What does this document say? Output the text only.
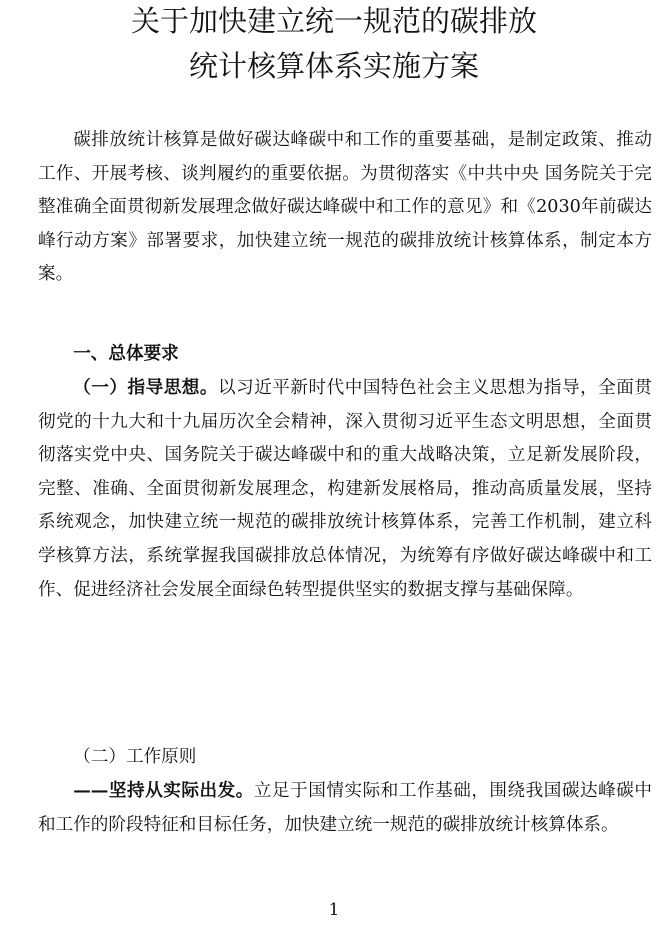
关于加快建立统一规范的碳排放
统计核算体系实施方案

碳排放统计核算是做好碳达峰碳中和工作的重要基础，是制定政策、推动工作、开展考核、谈判履约的重要依据。为贯彻落实《中共中央 国务院关于完整准确全面贯彻新发展理念做好碳达峰碳中和工作的意见》和《2030年前碳达峰行动方案》部署要求，加快建立统一规范的碳排放统计核算体系，制定本方案。

一、总体要求

（一）指导思想。以习近平新时代中国特色社会主义思想为指导，全面贯彻党的十九大和十九届历次全会精神，深入贯彻习近平生态文明思想，全面贯彻落实党中央、国务院关于碳达峰碳中和的重大战略决策，立足新发展阶段，完整、准确、全面贯彻新发展理念，构建新发展格局，推动高质量发展，坚持系统观念，加快建立统一规范的碳排放统计核算体系，完善工作机制，建立科学核算方法，系统掌握我国碳排放总体情况，为统筹有序做好碳达峰碳中和工作、促进经济社会发展全面绿色转型提供坚实的数据支撑与基础保障。

（二）工作原则

——坚持从实际出发。立足于国情实际和工作基础，围绕我国碳达峰碳中和工作的阶段特征和目标任务，加快建立统一规范的碳排放统计核算体系。

1
